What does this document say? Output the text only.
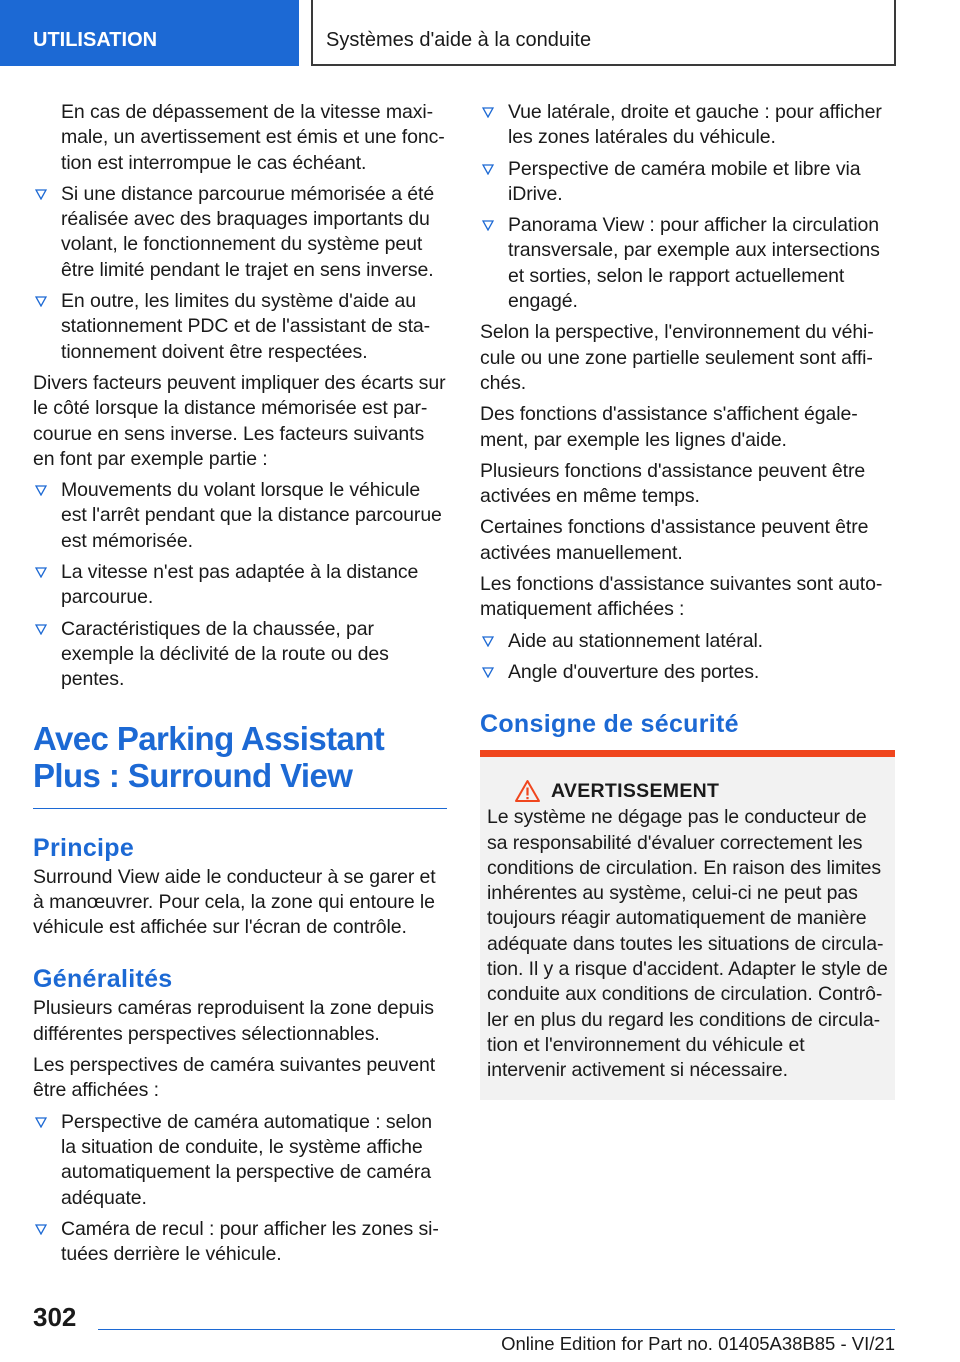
UTILISATION	Systèmes d'aide à la conduite

En cas de dépassement de la vitesse maximale, un avertissement est émis et une fonction est interrompue le cas échéant.

Si une distance parcourue mémorisée a été réalisée avec des braquages importants du volant, le fonctionnement du système peut être limité pendant le trajet en sens inverse.
En outre, les limites du système d'aide au stationnement PDC et de l'assistant de stationnement doivent être respectées.

Divers facteurs peuvent impliquer des écarts sur le côté lorsque la distance mémorisée est parcourue en sens inverse. Les facteurs suivants en font par exemple partie :

Mouvements du volant lorsque le véhicule est l'arrêt pendant que la distance parcourue est mémorisée.
La vitesse n'est pas adaptée à la distance parcourue.
Caractéristiques de la chaussée, par exemple la déclivité de la route ou des pentes.
Avec Parking Assistant Plus : Surround View
Principe

Surround View aide le conducteur à se garer et à manœuvrer. Pour cela, la zone qui entoure le véhicule est affichée sur l'écran de contrôle.

Généralités

Plusieurs caméras reproduisent la zone depuis différentes perspectives sélectionnables.

Les perspectives de caméra suivantes peuvent être affichées :

Perspective de caméra automatique : selon la situation de conduite, le système affiche automatiquement la perspective de caméra adéquate.
Caméra de recul : pour afficher les zones situées derrière le véhicule.
Vue latérale, droite et gauche : pour afficher les zones latérales du véhicule.
Perspective de caméra mobile et libre via iDrive.
Panorama View : pour afficher la circulation transversale, par exemple aux intersections et sorties, selon le rapport actuellement engagé.

Selon la perspective, l'environnement du véhicule ou une zone partielle seulement sont affichés.

Des fonctions d'assistance s'affichent également, par exemple les lignes d'aide.

Plusieurs fonctions d'assistance peuvent être activées en même temps.

Certaines fonctions d'assistance peuvent être activées manuellement.

Les fonctions d'assistance suivantes sont automatiquement affichées :

Aide au stationnement latéral.
Angle d'ouverture des portes.
Consigne de sécurité
AVERTISSEMENT

Le système ne dégage pas le conducteur de sa responsabilité d'évaluer correctement les conditions de circulation. En raison des limites inhérentes au système, celui-ci ne peut pas toujours réagir automatiquement de manière adéquate dans toutes les situations de circulation. Il y a risque d'accident. Adapter le style de conduite aux conditions de circulation. Contrôler en plus du regard les conditions de circulation et l'environnement du véhicule et intervenir activement si nécessaire.

302
Online Edition for Part no. 01405A38B85 - VI/21
